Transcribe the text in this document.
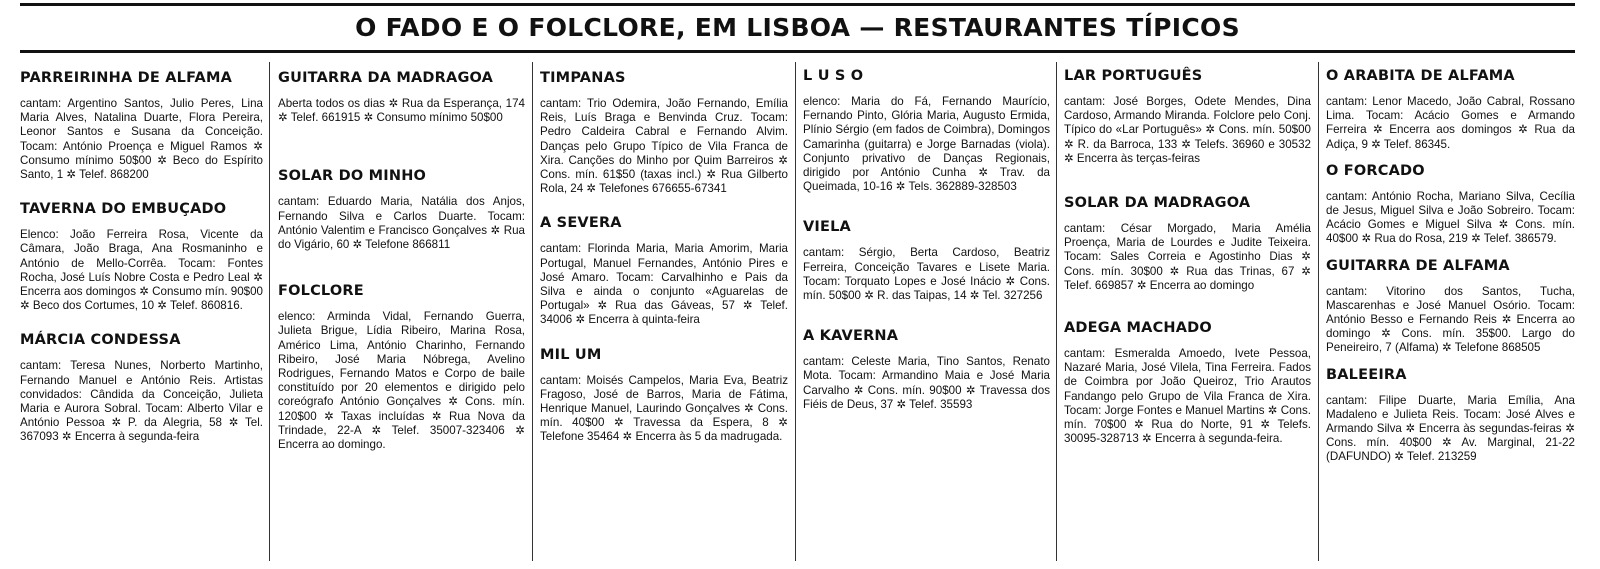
O FADO E O FOLCLORE, EM LISBOA — RESTAURANTES TÍPICOS
PARREIRINHA DE ALFAMA

cantam: Argentino Santos, Julio Peres, Lina Maria Alves, Natalina Duarte, Flora Pereira, Leonor Santos e Susana da Conceição. Tocam: António Proença e Miguel Ramos ✲ Consumo mínimo 50$00 ✲ Beco do Espírito Santo, 1 ✲ Telef. 868200

TAVERNA DO EMBUÇADO

Elenco: João Ferreira Rosa, Vicente da Câmara, João Braga, Ana Rosmaninho e António de Mello-Corrêa. Tocam: Fontes Rocha, José Luís Nobre Costa e Pedro Leal ✲ Encerra aos domingos ✲ Consumo mín. 90$00 ✲ Beco dos Cortumes, 10 ✲ Telef. 860816.

MÁRCIA CONDESSA

cantam: Teresa Nunes, Norberto Martinho, Fernando Manuel e António Reis. Artistas convidados: Cândida da Conceição, Julieta Maria e Aurora Sobral. Tocam: Alberto Vilar e António Pessoa ✲ P. da Alegria, 58 ✲ Tel. 367093 ✲ Encerra à segunda-feira

GUITARRA DA MADRAGOA

Aberta todos os dias ✲ Rua da Esperança, 174 ✲ Telef. 661915 ✲ Consumo mínimo 50$00

SOLAR DO MINHO

cantam: Eduardo Maria, Natália dos Anjos, Fernando Silva e Carlos Duarte. Tocam: António Valentim e Francisco Gonçalves ✲ Rua do Vigário, 60 ✲ Telefone 866811

FOLCLORE

elenco: Arminda Vidal, Fernando Guerra, Julieta Brigue, Lídia Ribeiro, Marina Rosa, Américo Lima, António Charinho, Fernando Ribeiro, José Maria Nóbrega, Avelino Rodrigues, Fernando Matos e Corpo de baile constituído por 20 elementos e dirigido pelo coreógrafo António Gonçalves ✲ Cons. mín. 120$00 ✲ Taxas incluídas ✲ Rua Nova da Trindade, 22-A ✲ Telef. 35007-323406 ✲ Encerra ao domingo.

TIMPANAS

cantam: Trio Odemira, João Fernando, Emília Reis, Luís Braga e Benvinda Cruz. Tocam: Pedro Caldeira Cabral e Fernando Alvim. Danças pelo Grupo Típico de Vila Franca de Xira. Canções do Minho por Quim Barreiros ✲ Cons. mín. 61$50 (taxas incl.) ✲ Rua Gilberto Rola, 24 ✲ Telefones 676655-67341

A SEVERA

cantam: Florinda Maria, Maria Amorim, Maria Portugal, Manuel Fernandes, António Pires e José Amaro. Tocam: Carvalhinho e Pais da Silva e ainda o conjunto «Aguarelas de Portugal» ✲ Rua das Gáveas, 57 ✲ Telef. 34006 ✲ Encerra à quinta-feira

MIL UM

cantam: Moisés Campelos, Maria Eva, Beatriz Fragoso, José de Barros, Maria de Fátima, Henrique Manuel, Laurindo Gonçalves ✲ Cons. mín. 40$00 ✲ Travessa da Espera, 8 ✲ Telefone 35464 ✲ Encerra às 5 da madrugada.

L U S O

elenco: Maria do Fá, Fernando Maurício, Fernando Pinto, Glória Maria, Augusto Ermida, Plínio Sérgio (em fados de Coimbra), Domingos Camarinha (guitarra) e Jorge Barnadas (viola). Conjunto privativo de Danças Regionais, dirigido por António Cunha ✲ Trav. da Queimada, 10-16 ✲ Tels. 362889-328503

VIELA

cantam: Sérgio, Berta Cardoso, Beatriz Ferreira, Conceição Tavares e Lisete Maria. Tocam: Torquato Lopes e José Inácio ✲ Cons. mín. 50$00 ✲ R. das Taipas, 14 ✲ Tel. 327256

A KAVERNA

cantam: Celeste Maria, Tino Santos, Renato Mota. Tocam: Armandino Maia e José Maria Carvalho ✲ Cons. mín. 90$00 ✲ Travessa dos Fiéis de Deus, 37 ✲ Telef. 35593

LAR PORTUGUÊS

cantam: José Borges, Odete Mendes, Dina Cardoso, Armando Miranda. Folclore pelo Conj. Típico do «Lar Português» ✲ Cons. mín. 50$00 ✲ R. da Barroca, 133 ✲ Telefs. 36960 e 30532 ✲ Encerra às terças-feiras

SOLAR DA MADRAGOA

cantam: César Morgado, Maria Amélia Proença, Maria de Lourdes e Judite Teixeira. Tocam: Sales Correia e Agostinho Dias ✲ Cons. mín. 30$00 ✲ Rua das Trinas, 67 ✲ Telef. 669857 ✲ Encerra ao domingo

ADEGA MACHADO

cantam: Esmeralda Amoedo, Ivete Pessoa, Nazaré Maria, José Vilela, Tina Ferreira. Fados de Coimbra por João Queiroz, Trio Arautos Fandango pelo Grupo de Vila Franca de Xira. Tocam: Jorge Fontes e Manuel Martins ✲ Cons. mín. 70$00 ✲ Rua do Norte, 91 ✲ Telefs. 30095-328713 ✲ Encerra à segunda-feira.

O ARABITA DE ALFAMA

cantam: Lenor Macedo, João Cabral, Rossano Lima. Tocam: Acácio Gomes e Armando Ferreira ✲ Encerra aos domingos ✲ Rua da Adiça, 9 ✲ Telef. 86345.

O FORCADO

cantam: António Rocha, Mariano Silva, Cecília de Jesus, Miguel Silva e João Sobreiro. Tocam: Acácio Gomes e Miguel Silva ✲ Cons. mín. 40$00 ✲ Rua do Rosa, 219 ✲ Telef. 386579.

GUITARRA DE ALFAMA

cantam: Vitorino dos Santos, Tucha, Mascarenhas e José Manuel Osório. Tocam: António Besso e Fernando Reis ✲ Encerra ao domingo ✲ Cons. mín. 35$00. Largo do Peneireiro, 7 (Alfama) ✲ Telefone 868505

BALEEIRA

cantam: Filipe Duarte, Maria Emília, Ana Madaleno e Julieta Reis. Tocam: José Alves e Armando Silva ✲ Encerra às segundas-feiras ✲ Cons. mín. 40$00 ✲ Av. Marginal, 21-22 (DAFUNDO) ✲ Telef. 213259
